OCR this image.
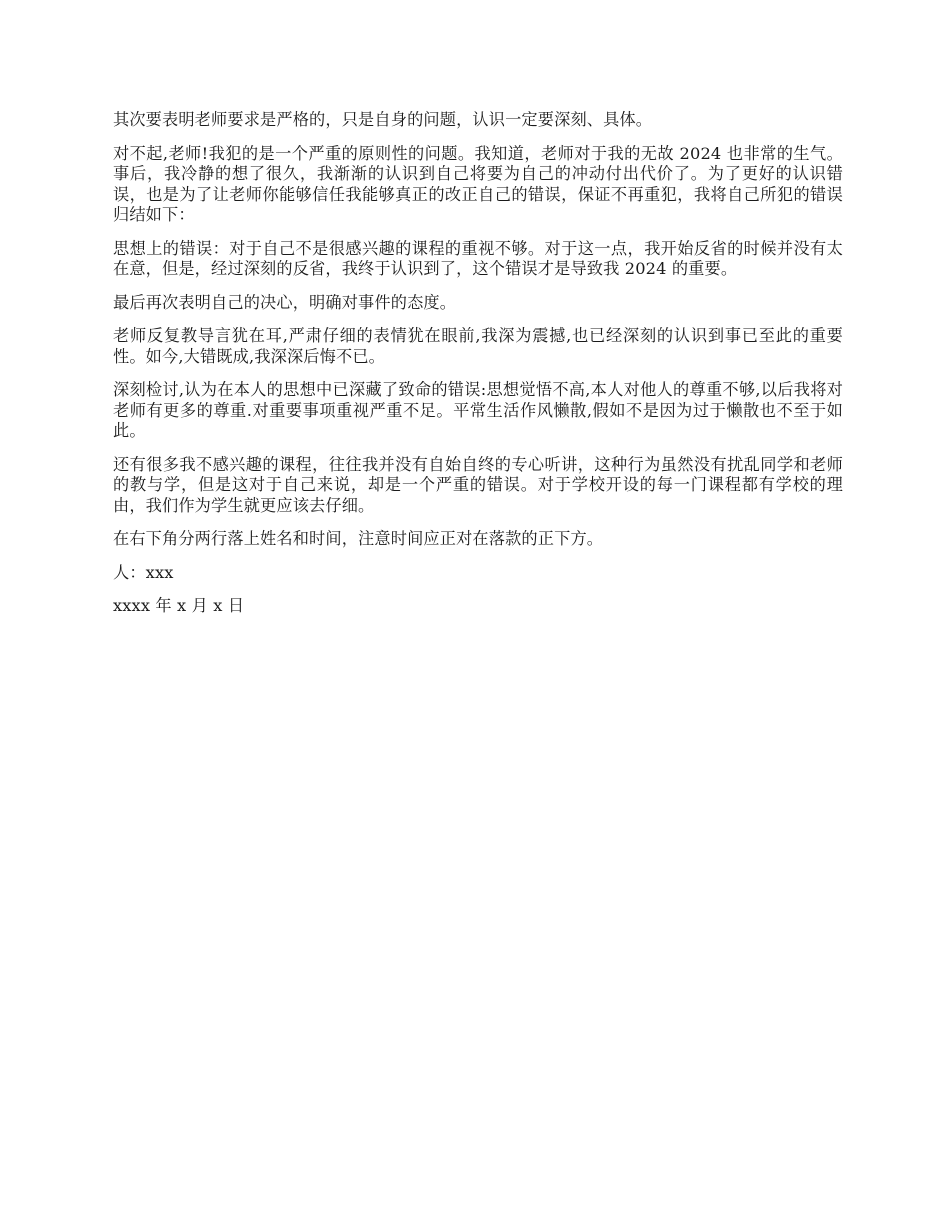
其次要表明老师要求是严格的，只是自身的问题，认识一定要深刻、具体。

对不起,老师!我犯的是一个严重的原则性的问题。我知道，老师对于我的无故 2024 也非常的生气。事后，我冷静的想了很久，我渐渐的认识到自己将要为自己的冲动付出代价了。为了更好的认识错误，也是为了让老师你能够信任我能够真正的改正自己的错误，保证不再重犯，我将自己所犯的错误归结如下：

思想上的错误：对于自己不是很感兴趣的课程的重视不够。对于这一点，我开始反省的时候并没有太在意，但是，经过深刻的反省，我终于认识到了，这个错误才是导致我 2024 的重要。

最后再次表明自己的决心，明确对事件的态度。

老师反复教导言犹在耳,严肃仔细的表情犹在眼前,我深为震撼,也已经深刻的认识到事已至此的重要性。如今,大错既成,我深深后悔不已。

深刻检讨,认为在本人的思想中已深藏了致命的错误:思想觉悟不高,本人对他人的尊重不够,以后我将对老师有更多的尊重.对重要事项重视严重不足。平常生活作风懒散,假如不是因为过于懒散也不至于如此。

还有很多我不感兴趣的课程，往往我并没有自始自终的专心听讲，这种行为虽然没有扰乱同学和老师的教与学，但是这对于自己来说，却是一个严重的错误。对于学校开设的每一门课程都有学校的理由，我们作为学生就更应该去仔细。

在右下角分两行落上姓名和时间，注意时间应正对在落款的正下方。

人：xxx

xxxx 年 x 月 x 日
